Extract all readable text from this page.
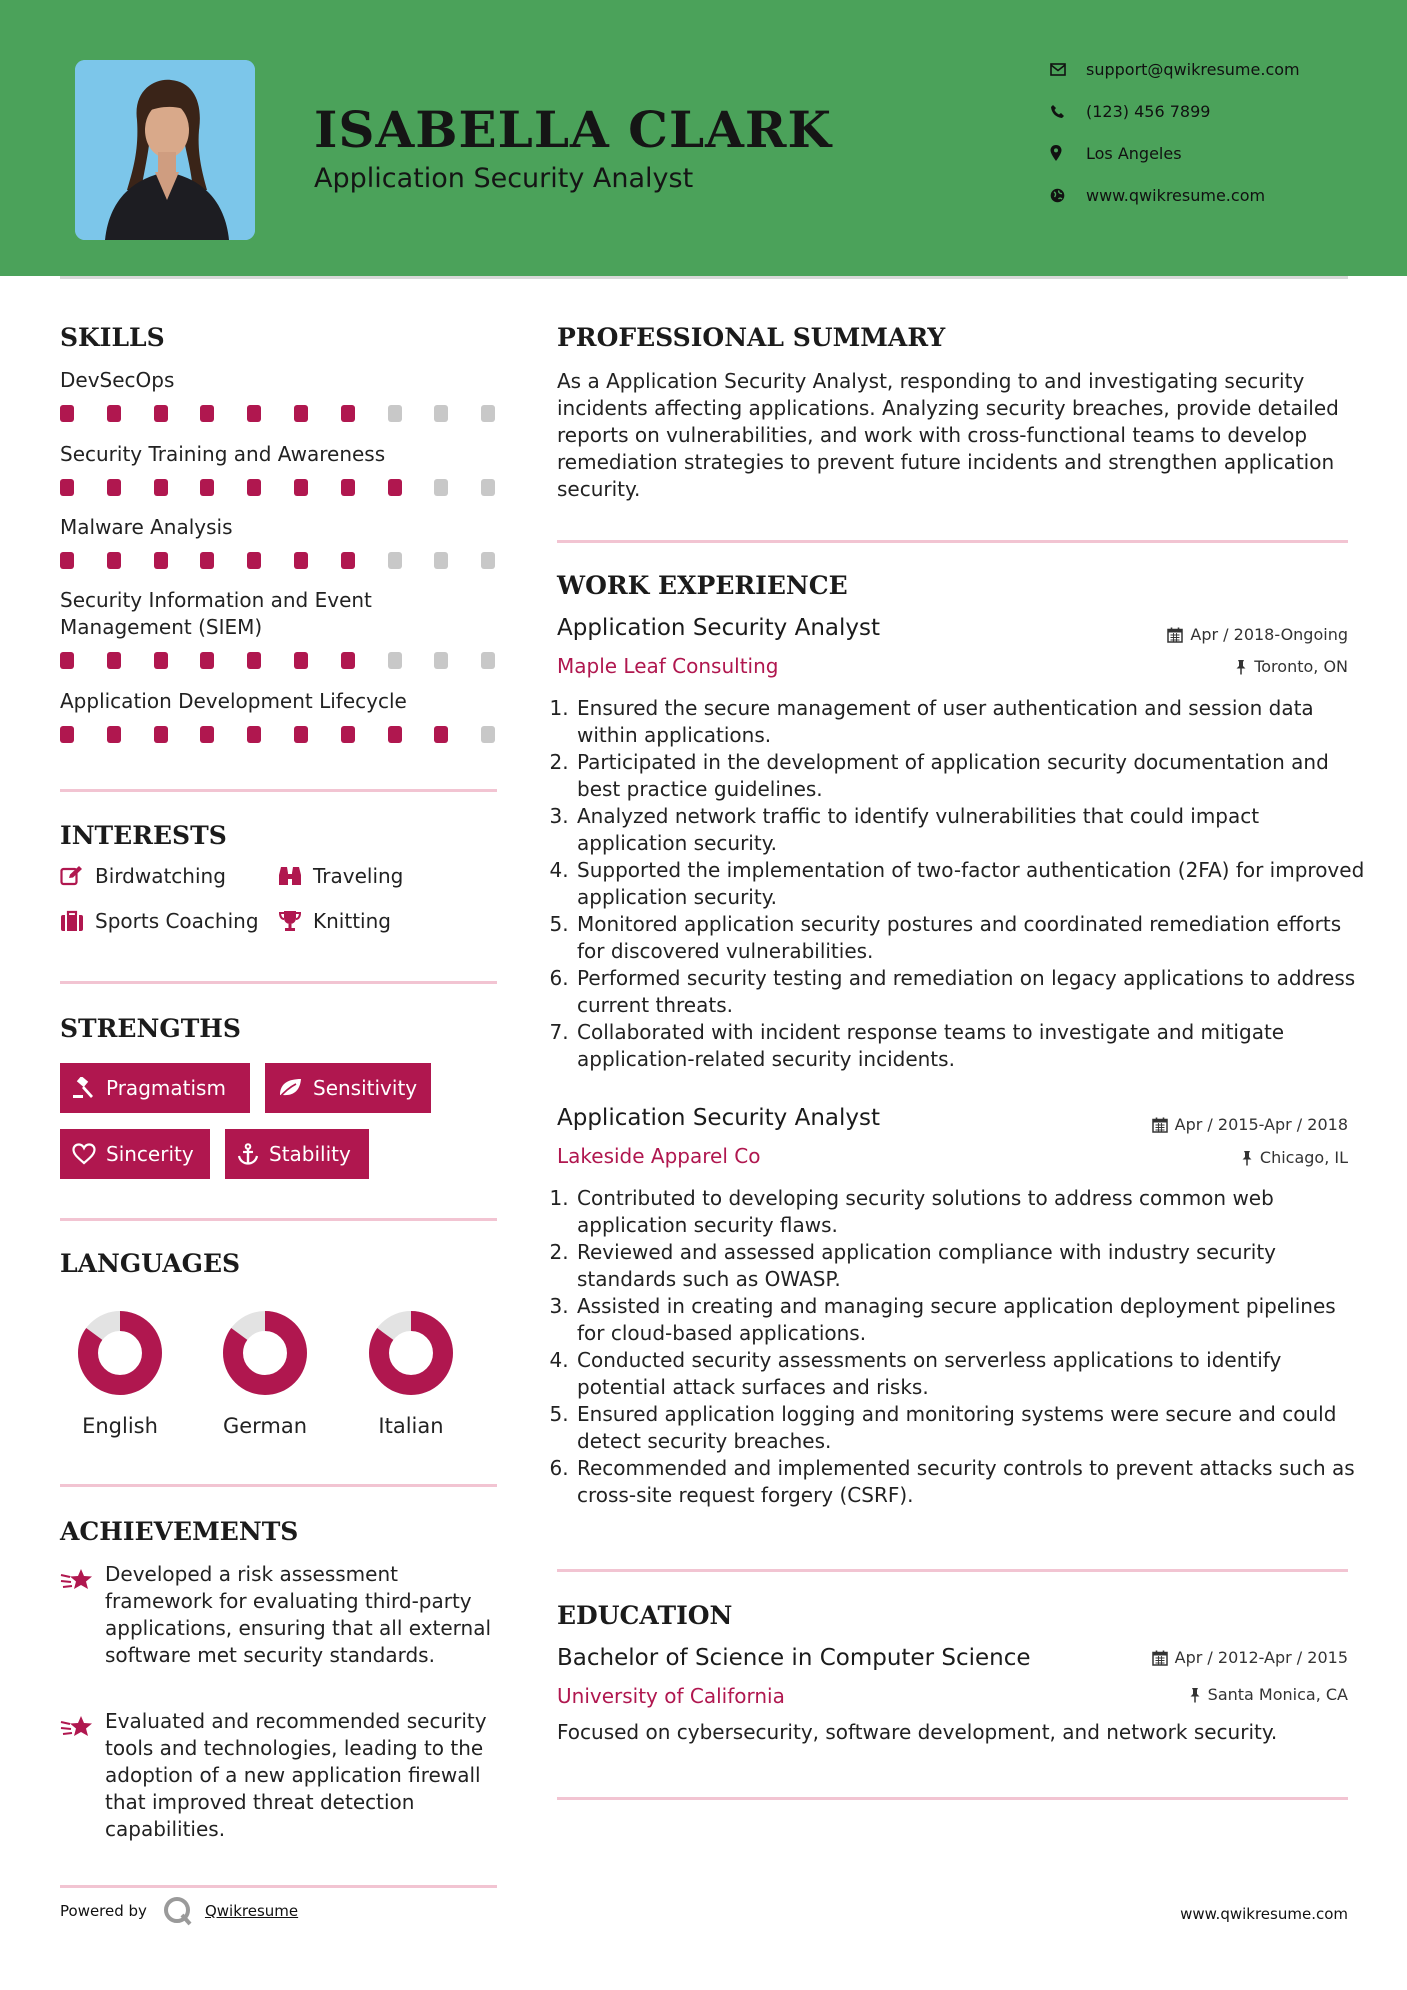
ISABELLA CLARK
Application Security Analyst
support@qwikresume.com
(123) 456 7899
Los Angeles
www.qwikresume.com
SKILLS
DevSecOps
Security Training and Awareness
Malware Analysis
Security Information and Event Management (SIEM)
Application Development Lifecycle
INTERESTS
Birdwatching	Traveling
Sports Coaching	Knitting
STRENGTHS
Pragmatism	Sensitivity
Sincerity	Stability
LANGUAGES
English	German	Italian
ACHIEVEMENTS
Developed a risk assessment framework for evaluating third-party applications, ensuring that all external software met security standards.
Evaluated and recommended security tools and technologies, leading to the adoption of a new application firewall that improved threat detection capabilities.
PROFESSIONAL SUMMARY
As a Application Security Analyst, responding to and investigating security incidents affecting applications. Analyzing security breaches, provide detailed reports on vulnerabilities, and work with cross-functional teams to develop remediation strategies to prevent future incidents and strengthen application security.
WORK EXPERIENCE
Application Security Analyst	Apr / 2018-Ongoing
Maple Leaf Consulting	Toronto, ON
1. Ensured the secure management of user authentication and session data within applications.
2. Participated in the development of application security documentation and best practice guidelines.
3. Analyzed network traffic to identify vulnerabilities that could impact application security.
4. Supported the implementation of two-factor authentication (2FA) for improved application security.
5. Monitored application security postures and coordinated remediation efforts for discovered vulnerabilities.
6. Performed security testing and remediation on legacy applications to address current threats.
7. Collaborated with incident response teams to investigate and mitigate application-related security incidents.
Application Security Analyst	Apr / 2015-Apr / 2018
Lakeside Apparel Co	Chicago, IL
1. Contributed to developing security solutions to address common web application security flaws.
2. Reviewed and assessed application compliance with industry security standards such as OWASP.
3. Assisted in creating and managing secure application deployment pipelines for cloud-based applications.
4. Conducted security assessments on serverless applications to identify potential attack surfaces and risks.
5. Ensured application logging and monitoring systems were secure and could detect security breaches.
6. Recommended and implemented security controls to prevent attacks such as cross-site request forgery (CSRF).
EDUCATION
Bachelor of Science in Computer Science	Apr / 2012-Apr / 2015
University of California	Santa Monica, CA
Focused on cybersecurity, software development, and network security.
Powered by	Qwikresume	www.qwikresume.com
